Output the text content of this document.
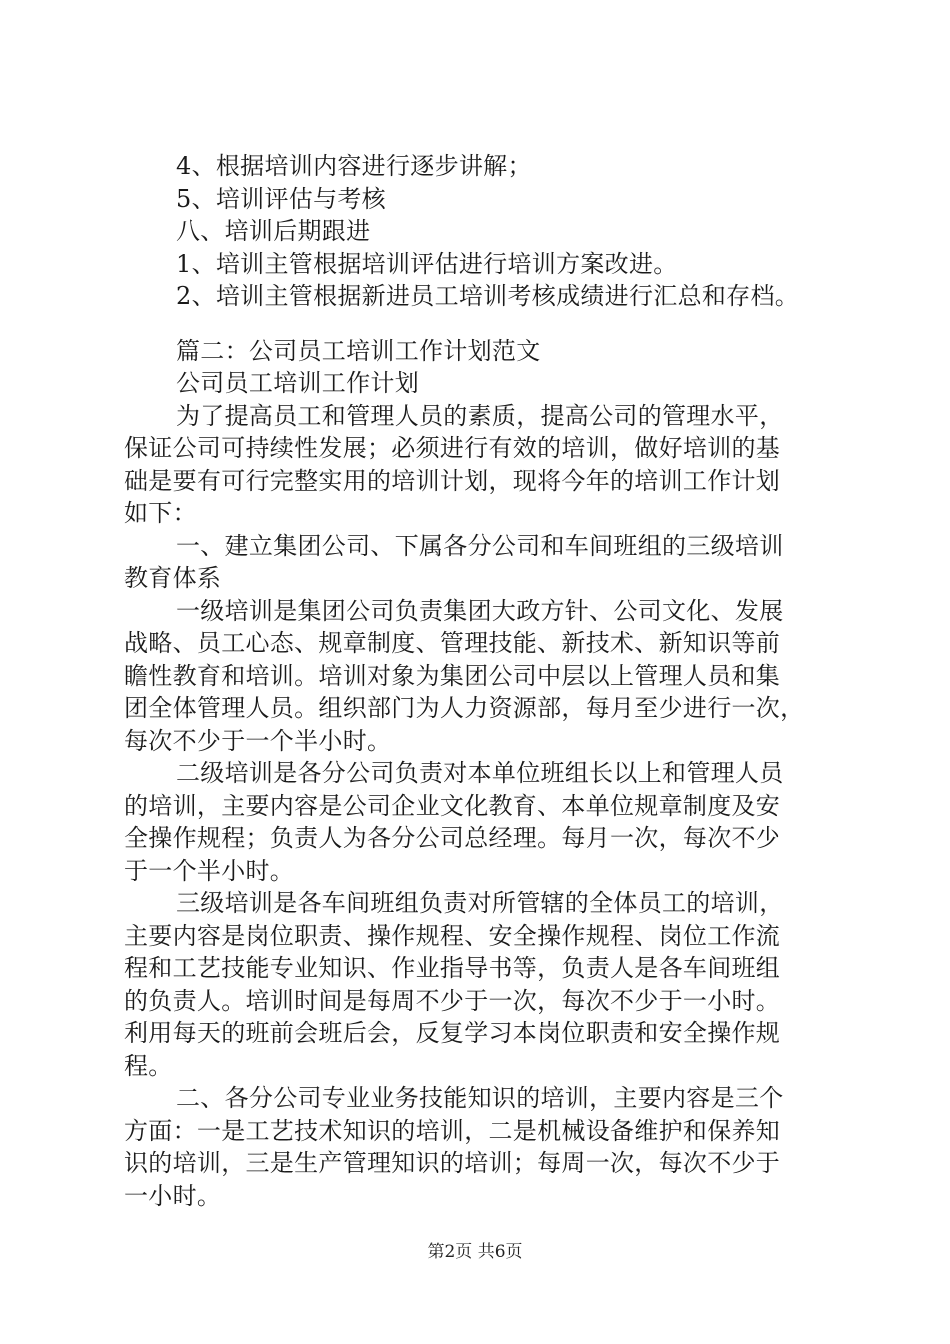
4、根据培训内容进行逐步讲解；
5、培训评估与考核
八、培训后期跟进
1、培训主管根据培训评估进行培训方案改进。
2、培训主管根据新进员工培训考核成绩进行汇总和存档。
篇二：公司员工培训工作计划范文
公司员工培训工作计划
为了提高员工和管理人员的素质，提高公司的管理水平，
保证公司可持续性发展；必须进行有效的培训，做好培训的基
础是要有可行完整实用的培训计划，现将今年的培训工作计划
如下：
一、建立集团公司、下属各分公司和车间班组的三级培训
教育体系
一级培训是集团公司负责集团大政方针、公司文化、发展
战略、员工心态、规章制度、管理技能、新技术、新知识等前
瞻性教育和培训。培训对象为集团公司中层以上管理人员和集
团全体管理人员。组织部门为人力资源部，每月至少进行一次，
每次不少于一个半小时。
二级培训是各分公司负责对本单位班组长以上和管理人员
的培训，主要内容是公司企业文化教育、本单位规章制度及安
全操作规程；负责人为各分公司总经理。每月一次，每次不少
于一个半小时。
三级培训是各车间班组负责对所管辖的全体员工的培训，
主要内容是岗位职责、操作规程、安全操作规程、岗位工作流
程和工艺技能专业知识、作业指导书等，负责人是各车间班组
的负责人。培训时间是每周不少于一次，每次不少于一小时。
利用每天的班前会班后会，反复学习本岗位职责和安全操作规
程。
二、各分公司专业业务技能知识的培训，主要内容是三个
方面：一是工艺技术知识的培训，二是机械设备维护和保养知
识的培训，三是生产管理知识的培训；每周一次，每次不少于
一小时。
第2页 共6页
